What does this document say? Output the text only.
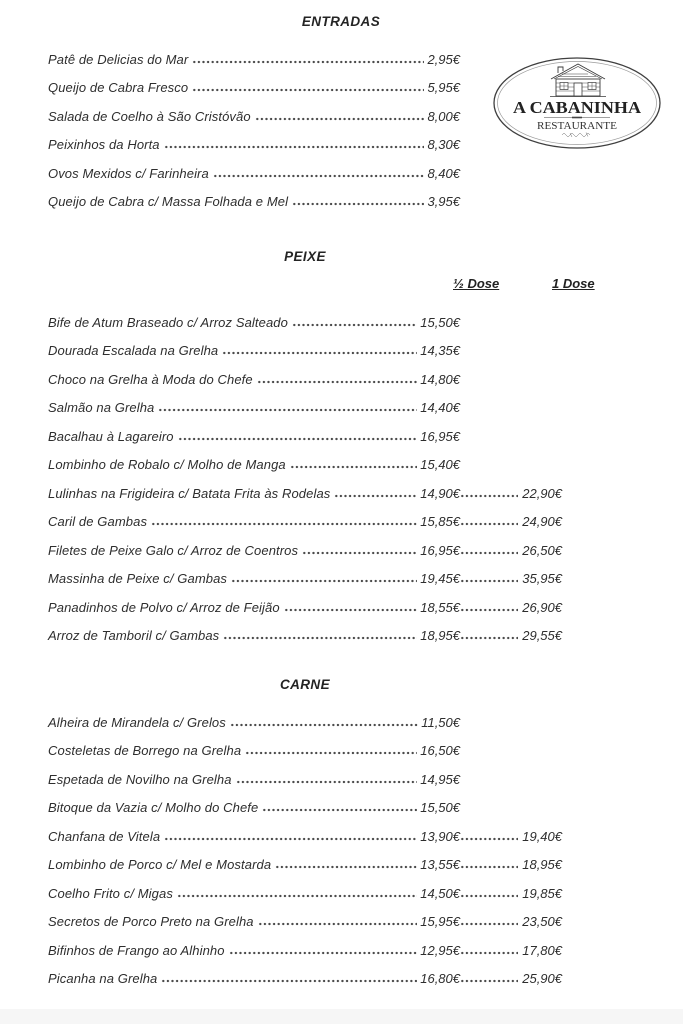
A CABANINHA
RESTAURANTE
ENTRADAS
Patê de Delicias do Mar	2,95€
Queijo de Cabra Fresco	5,95€
Salada de Coelho à São Cristóvão	8,00€
Peixinhos da Horta	8,30€
Ovos Mexidos c/ Farinheira	8,40€
Queijo de Cabra c/ Massa Folhada e Mel	3,95€
PEIXE
½ Dose	1 Dose
Bife de Atum Braseado c/ Arroz Salteado	15,50€
Dourada Escalada na Grelha	14,35€
Choco na Grelha à Moda do Chefe	14,80€
Salmão na Grelha	14,40€
Bacalhau à Lagareiro	16,95€
Lombinho de Robalo c/ Molho de Manga	15,40€
Lulinhas na Frigideira c/ Batata Frita às Rodelas	14,90€	22,90€
Caril de Gambas	15,85€	24,90€
Filetes de Peixe Galo c/ Arroz de Coentros	16,95€	26,50€
Massinha de Peixe c/ Gambas	19,45€	35,95€
Panadinhos de Polvo c/ Arroz de Feijão	18,55€	26,90€
Arroz de Tamboril c/ Gambas	18,95€	29,55€
CARNE
Alheira de Mirandela c/ Grelos	11,50€
Costeletas de Borrego na Grelha	16,50€
Espetada de Novilho na Grelha	14,95€
Bitoque da Vazia c/ Molho do Chefe	15,50€
Chanfana de Vitela	13,90€	19,40€
Lombinho de Porco c/ Mel e Mostarda	13,55€	18,95€
Coelho Frito c/ Migas	14,50€	19,85€
Secretos de Porco Preto na Grelha	15,95€	23,50€
Bifinhos de Frango ao Alhinho	12,95€	17,80€
Picanha na Grelha	16,80€	25,90€
